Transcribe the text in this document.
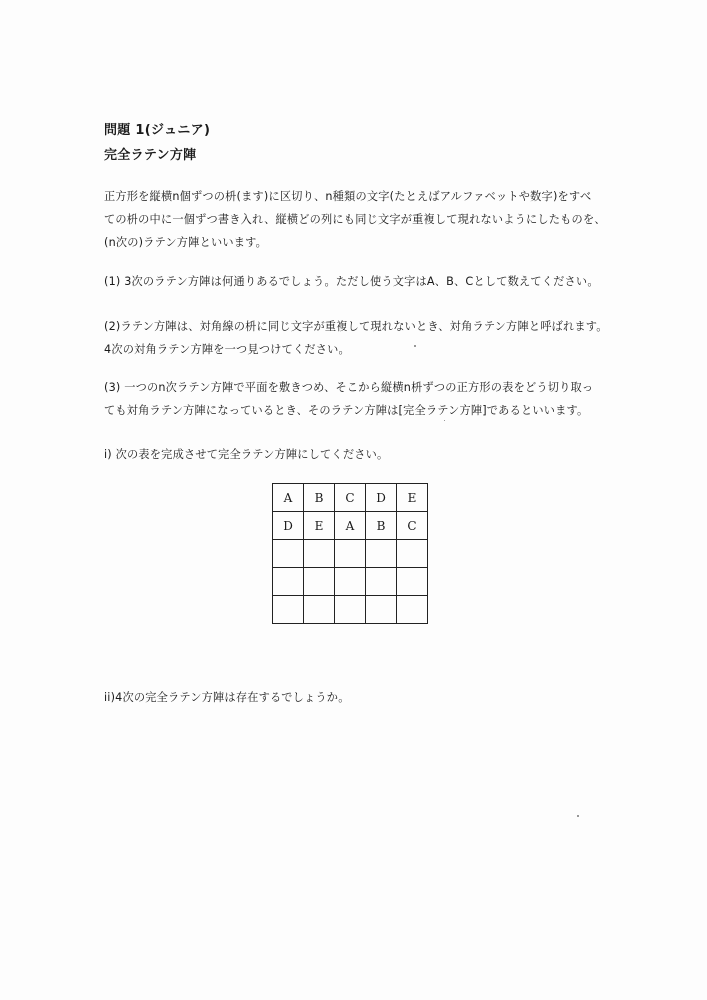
問題 1(ジュニア)
完全ラテン方陣
正方形を縦横n個ずつの枡(ます)に区切り、n種類の文字(たとえばアルファベットや数字)をすべ
ての枡の中に一個ずつ書き入れ、縦横どの列にも同じ文字が重複して現れないようにしたものを、
(n次の)ラテン方陣といいます。
(1) 3次のラテン方陣は何通りあるでしょう。ただし使う文字はA、B、Cとして数えてください。
(2)ラテン方陣は、対角線の枡に同じ文字が重複して現れないとき、対角ラテン方陣と呼ばれます。
4次の対角ラテン方陣を一つ見つけてください。
(3) 一つのn次ラテン方陣で平面を敷きつめ、そこから縦横n枡ずつの正方形の表をどう切り取っ
ても対角ラテン方陣になっているとき、そのラテン方陣は[完全ラテン方陣]であるといいます。
i) 次の表を完成させて完全ラテン方陣にしてください。
A	B	C	D	E
D	E	A	B	C

ii)4次の完全ラテン方陣は存在するでしょうか。
